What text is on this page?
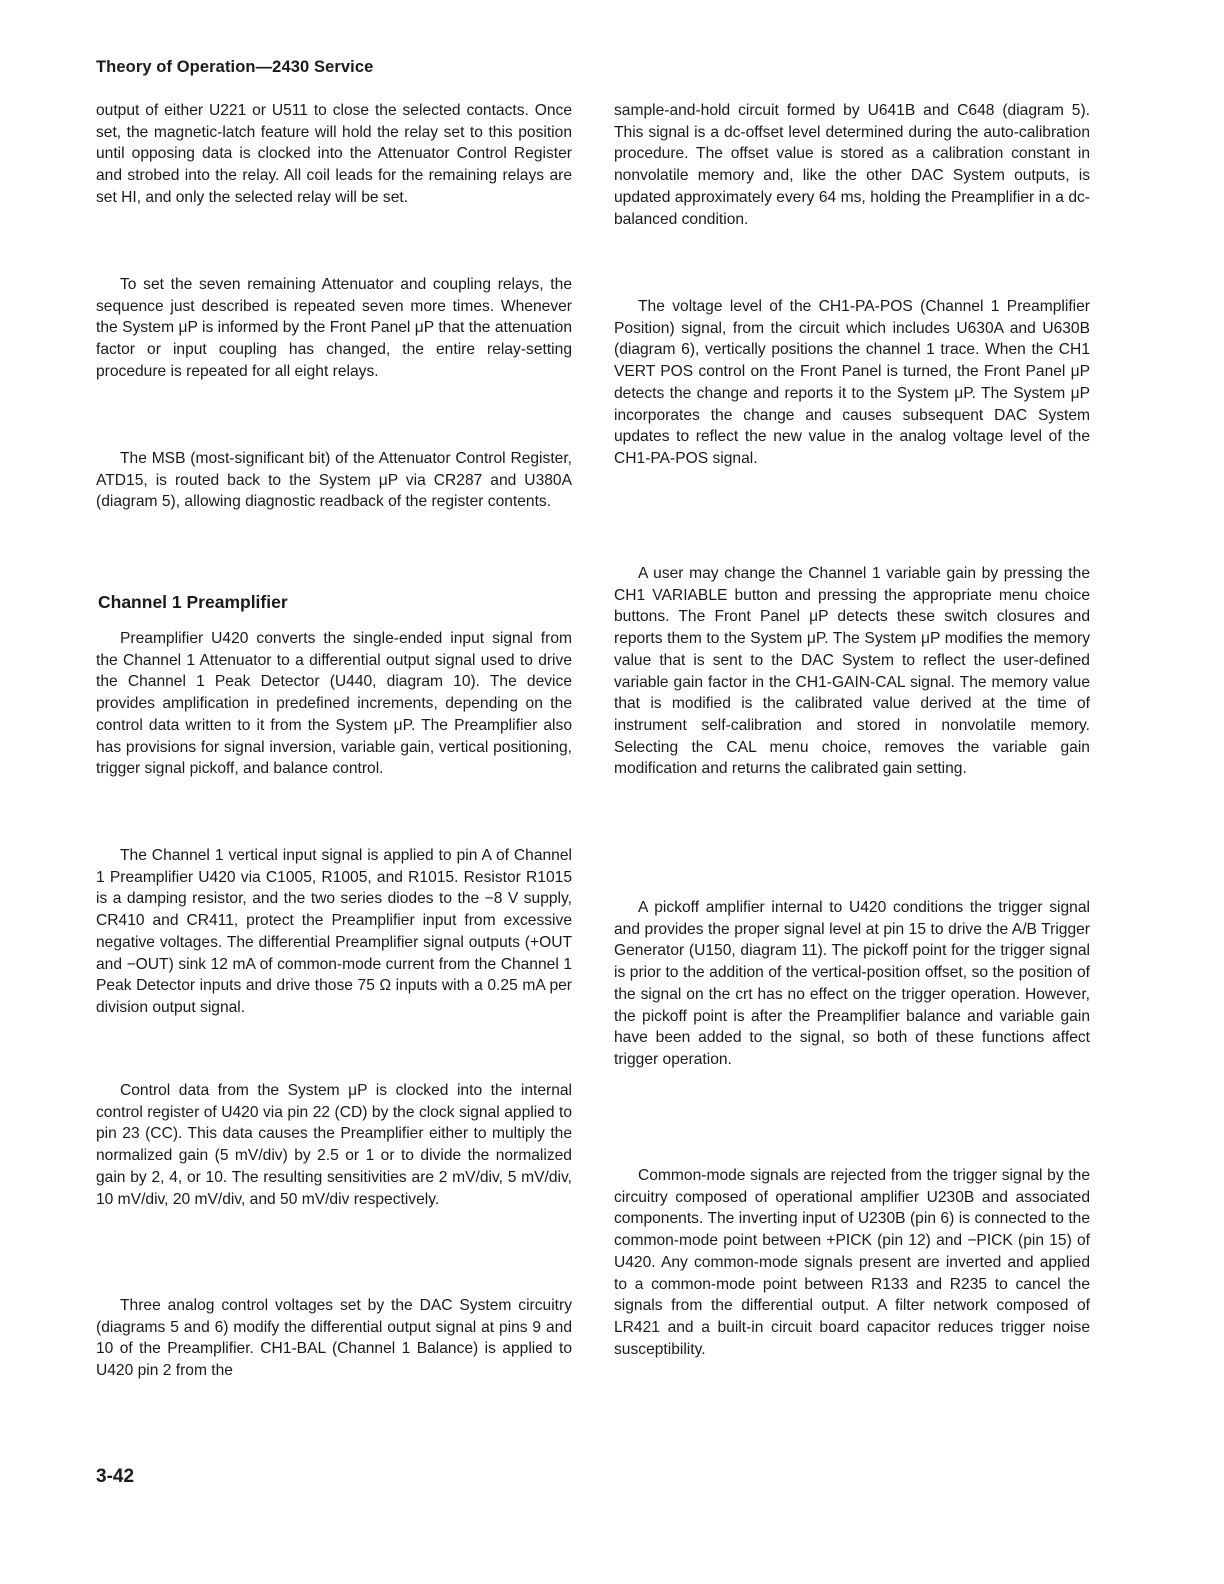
Theory of Operation—2430 Service

output of either U221 or U511 to close the selected contacts. Once set, the magnetic-latch feature will hold the relay set to this position until opposing data is clocked into the Attenuator Control Register and strobed into the relay. All coil leads for the remaining relays are set HI, and only the selected relay will be set.

To set the seven remaining Attenuator and coupling relays, the sequence just described is repeated seven more times. Whenever the System μP is informed by the Front Panel μP that the attenuation factor or input coupling has changed, the entire relay-setting procedure is repeated for all eight relays.

The MSB (most-significant bit) of the Attenuator Control Register, ATD15, is routed back to the System μP via CR287 and U380A (diagram 5), allowing diagnostic readback of the register contents.

Channel 1 Preamplifier

Preamplifier U420 converts the single-ended input signal from the Channel 1 Attenuator to a differential output signal used to drive the Channel 1 Peak Detector (U440, diagram 10). The device provides amplification in predefined increments, depending on the control data written to it from the System μP. The Preamplifier also has provisions for signal inversion, variable gain, vertical positioning, trigger signal pickoff, and balance control.

The Channel 1 vertical input signal is applied to pin A of Channel 1 Preamplifier U420 via C1005, R1005, and R1015. Resistor R1015 is a damping resistor, and the two series diodes to the −8 V supply, CR410 and CR411, protect the Preamplifier input from excessive negative voltages. The differential Preamplifier signal outputs (+OUT and −OUT) sink 12 mA of common-mode current from the Channel 1 Peak Detector inputs and drive those 75 Ω inputs with a 0.25 mA per division output signal.

Control data from the System μP is clocked into the internal control register of U420 via pin 22 (CD) by the clock signal applied to pin 23 (CC). This data causes the Preamplifier either to multiply the normalized gain (5 mV/div) by 2.5 or 1 or to divide the normalized gain by 2, 4, or 10. The resulting sensitivities are 2 mV/div, 5 mV/div, 10 mV/div, 20 mV/div, and 50 mV/div respectively.

Three analog control voltages set by the DAC System circuitry (diagrams 5 and 6) modify the differential output signal at pins 9 and 10 of the Preamplifier. CH1-BAL (Channel 1 Balance) is applied to U420 pin 2 from the

sample-and-hold circuit formed by U641B and C648 (diagram 5). This signal is a dc-offset level determined during the auto-calibration procedure. The offset value is stored as a calibration constant in nonvolatile memory and, like the other DAC System outputs, is updated approximately every 64 ms, holding the Preamplifier in a dc-balanced condition.

The voltage level of the CH1-PA-POS (Channel 1 Preamplifier Position) signal, from the circuit which includes U630A and U630B (diagram 6), vertically positions the channel 1 trace. When the CH1 VERT POS control on the Front Panel is turned, the Front Panel μP detects the change and reports it to the System μP. The System μP incorporates the change and causes subsequent DAC System updates to reflect the new value in the analog voltage level of the CH1-PA-POS signal.

A user may change the Channel 1 variable gain by pressing the CH1 VARIABLE button and pressing the appropriate menu choice buttons. The Front Panel μP detects these switch closures and reports them to the System μP. The System μP modifies the memory value that is sent to the DAC System to reflect the user-defined variable gain factor in the CH1-GAIN-CAL signal. The memory value that is modified is the calibrated value derived at the time of instrument self-calibration and stored in nonvolatile memory. Selecting the CAL menu choice, removes the variable gain modification and returns the calibrated gain setting.

A pickoff amplifier internal to U420 conditions the trigger signal and provides the proper signal level at pin 15 to drive the A/B Trigger Generator (U150, diagram 11). The pickoff point for the trigger signal is prior to the addition of the vertical-position offset, so the position of the signal on the crt has no effect on the trigger operation. However, the pickoff point is after the Preamplifier balance and variable gain have been added to the signal, so both of these functions affect trigger operation.

Common-mode signals are rejected from the trigger signal by the circuitry composed of operational amplifier U230B and associated components. The inverting input of U230B (pin 6) is connected to the common-mode point between +PICK (pin 12) and −PICK (pin 15) of U420. Any common-mode signals present are inverted and applied to a common-mode point between R133 and R235 to cancel the signals from the differential output. A filter network composed of LR421 and a built-in circuit board capacitor reduces trigger noise susceptibility.

3-42
